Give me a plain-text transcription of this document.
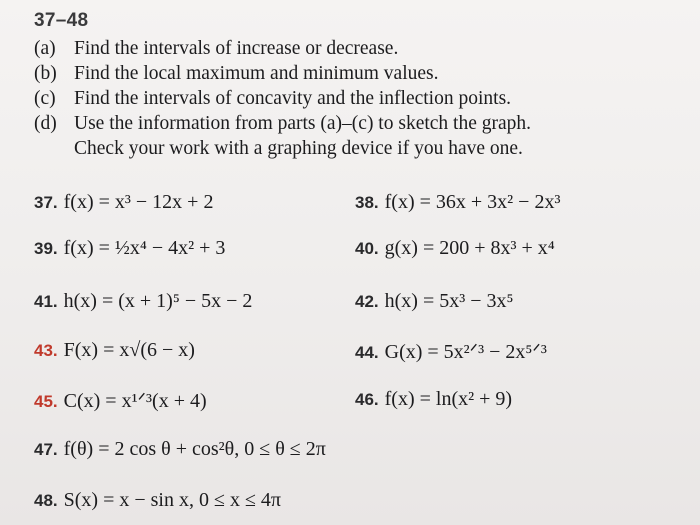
37–48
(a) Find the intervals of increase or decrease.
(b) Find the local maximum and minimum values.
(c) Find the intervals of concavity and the inflection points.
(d) Use the information from parts (a)–(c) to sketch the graph.
Check your work with a graphing device if you have one.
37. f(x) = x³ − 12x + 2	38. f(x) = 36x + 3x² − 2x³
39. f(x) = ½x⁴ − 4x² + 3	40. g(x) = 200 + 8x³ + x⁴
41. h(x) = (x + 1)⁵ − 5x − 2	42. h(x) = 5x³ − 3x⁵
43. F(x) = x√(6 − x)	44. G(x) = 5x²ᐟ³ − 2x⁵ᐟ³
45. C(x) = x¹ᐟ³(x + 4)	46. f(x) = ln(x² + 9)
47. f(θ) = 2 cos θ + cos²θ, 0 ≤ θ ≤ 2π
48. S(x) = x − sin x, 0 ≤ x ≤ 4π
